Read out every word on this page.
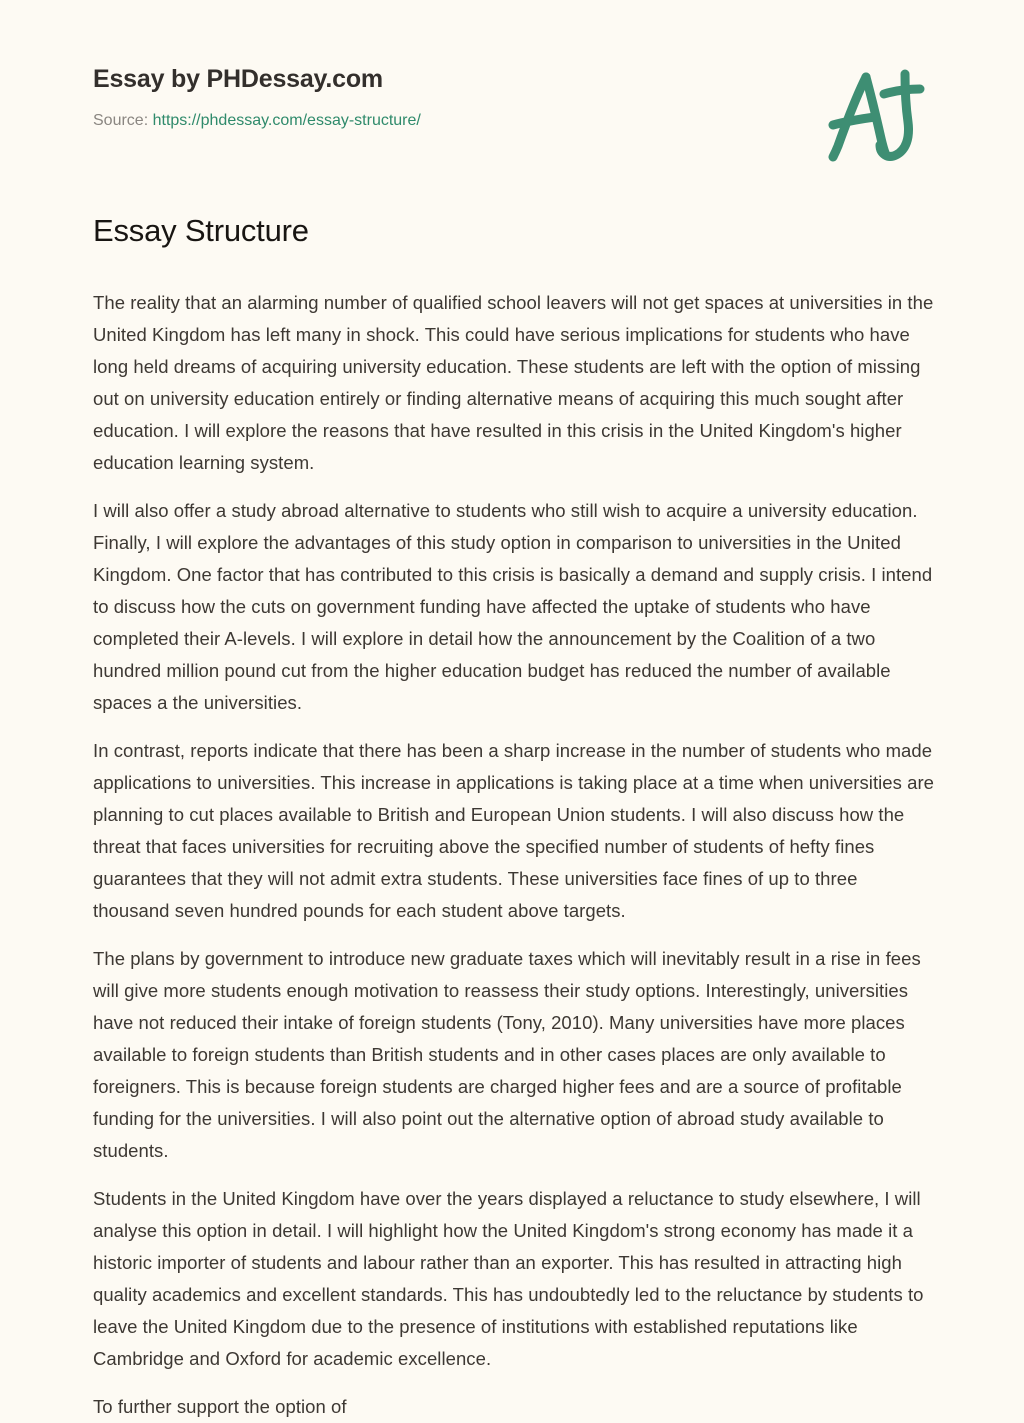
Essay by PHDessay.com
Source: https://phdessay.com/essay-structure/
Essay Structure

The reality that an alarming number of qualified school leavers will not get spaces at universities in the United Kingdom has left many in shock. This could have serious implications for students who have long held dreams of acquiring university education. These students are left with the option of missing out on university education entirely or finding alternative means of acquiring this much sought after education. I will explore the reasons that have resulted in this crisis in the United Kingdom's higher education learning system.

I will also offer a study abroad alternative to students who still wish to acquire a university education. Finally, I will explore the advantages of this study option in comparison to universities in the United Kingdom. One factor that has contributed to this crisis is basically a demand and supply crisis. I intend to discuss how the cuts on government funding have affected the uptake of students who have completed their A-levels. I will explore in detail how the announcement by the Coalition of a two hundred million pound cut from the higher education budget has reduced the number of available spaces a the universities.

In contrast, reports indicate that there has been a sharp increase in the number of students who made applications to universities. This increase in applications is taking place at a time when universities are planning to cut places available to British and European Union students. I will also discuss how the threat that faces universities for recruiting above the specified number of students of hefty fines guarantees that they will not admit extra students. These universities face fines of up to three thousand seven hundred pounds for each student above targets.

The plans by government to introduce new graduate taxes which will inevitably result in a rise in fees will give more students enough motivation to reassess their study options. Interestingly, universities have not reduced their intake of foreign students (Tony, 2010). Many universities have more places available to foreign students than British students and in other cases places are only available to foreigners. This is because foreign students are charged higher fees and are a source of profitable funding for the universities. I will also point out the alternative option of abroad study available to students.

Students in the United Kingdom have over the years displayed a reluctance to study elsewhere, I will analyse this option in detail. I will highlight how the United Kingdom's strong economy has made it a historic importer of students and labour rather than an exporter. This has resulted in attracting high quality academics and excellent standards. This has undoubtedly led to the reluctance by students to leave the United Kingdom due to the presence of institutions with established reputations like Cambridge and Oxford for academic excellence.

To further support the option of
